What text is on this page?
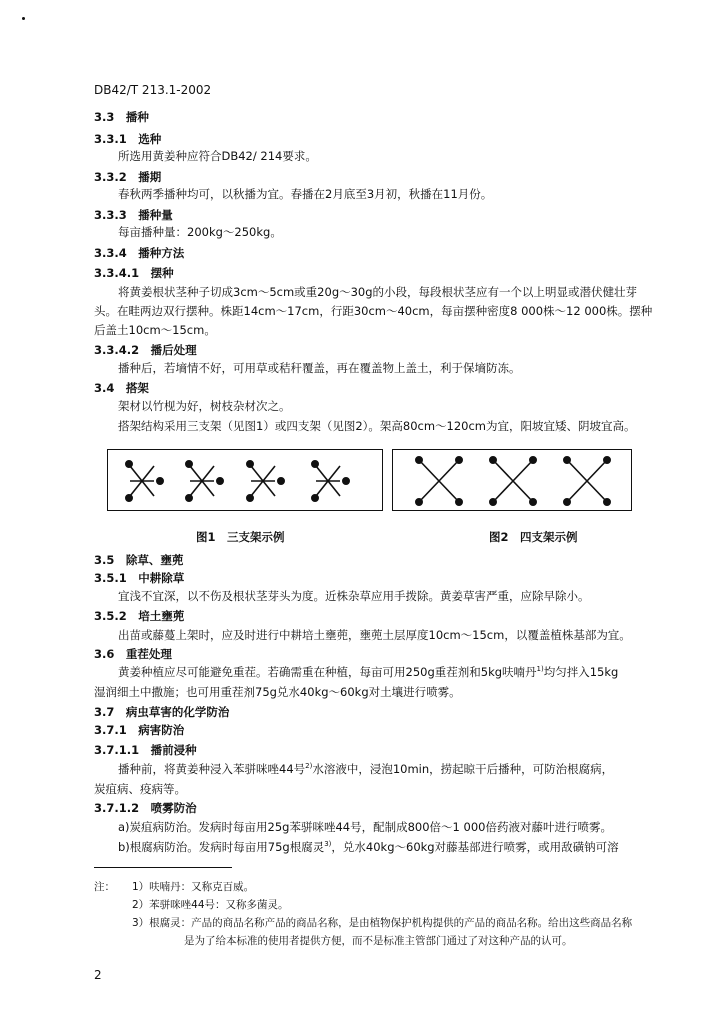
DB42/T 213.1-2002
3.3　 播种
3.3.1　 选种
所选用黄姜种应符合DB42/ 214要求。
3.3.2　 播期
春秋两季播种均可，以秋播为宜。春播在2月底至3月初，秋播在11月份。
3.3.3　 播种量
每亩播种量：200kg～250kg。
3.3.4　 播种方法
3.3.4.1　 摆种
将黄姜根状茎种子切成3cm～5cm或重20g～30g的小段，每段根状茎应有一个以上明显或潜伏健壮芽
头。在畦两边双行摆种。株距14cm～17cm，行距30cm～40cm，每亩摆种密度8 000株～12 000株。摆种
后盖土10cm～15cm。
3.3.4.2　 播后处理
播种后，若墒情不好，可用草或秸秆覆盖，再在覆盖物上盖土，利于保墒防冻。
3.4　 搭架
架材以竹枧为好，树枝杂材次之。
搭架结构采用三支架（见图1）或四支架（见图2）。架高80cm～120cm为宜，阳坡宜矮、阴坡宜高。
图1　三支架示例	图2　四支架示例
3.5　 除草、壅蔸
3.5.1　 中耕除草
宜浅不宜深，以不伤及根状茎芽头为度。近株杂草应用手拨除。黄姜草害严重，应除早除小。
3.5.2　 培土壅蔸
出苗或藤蔓上架时，应及时进行中耕培土壅蔸，壅蔸土层厚度10cm～15cm，以覆盖植株基部为宜。
3.6　 重茬处理
黄姜种植应尽可能避免重茬。若确需重在种植，每亩可用250g重茬剂和5kg呋喃丹$^{1)}$均匀拌入15kg
湿润细土中撒施；也可用重茬剂75g兑水40kg～60kg对土壤进行喷雾。
3.7　 病虫草害的化学防治
3.7.1　 病害防治
3.7.1.1　 播前浸种
播种前，将黄姜种浸入苯骈咪唑44号$^{2)}$水溶液中，浸泡10min，捞起晾干后播种，可防治根腐病，
炭疽病、疫病等。
3.7.1.2　 喷雾防治
a)炭疽病防治。发病时每亩用25g苯骈咪唑44号，配制成800倍～1 000倍药液对藤叶进行喷雾。
b)根腐病防治。发病时每亩用75g根腐灵$^{3)}$，兑水40kg～60kg对藤基部进行喷雾，或用敌磺钠可溶
注： 1）呋喃丹：又称克百威。
2）苯骈咪唑44号：又称多菌灵。
3）根腐灵：产品的商品名称产品的商品名称，是由植物保护机构提供的产品的商品名称。给出这些商品名称
是为了给本标准的使用者提供方便，而不是标准主管部门通过了对这种产品的认可。
2
